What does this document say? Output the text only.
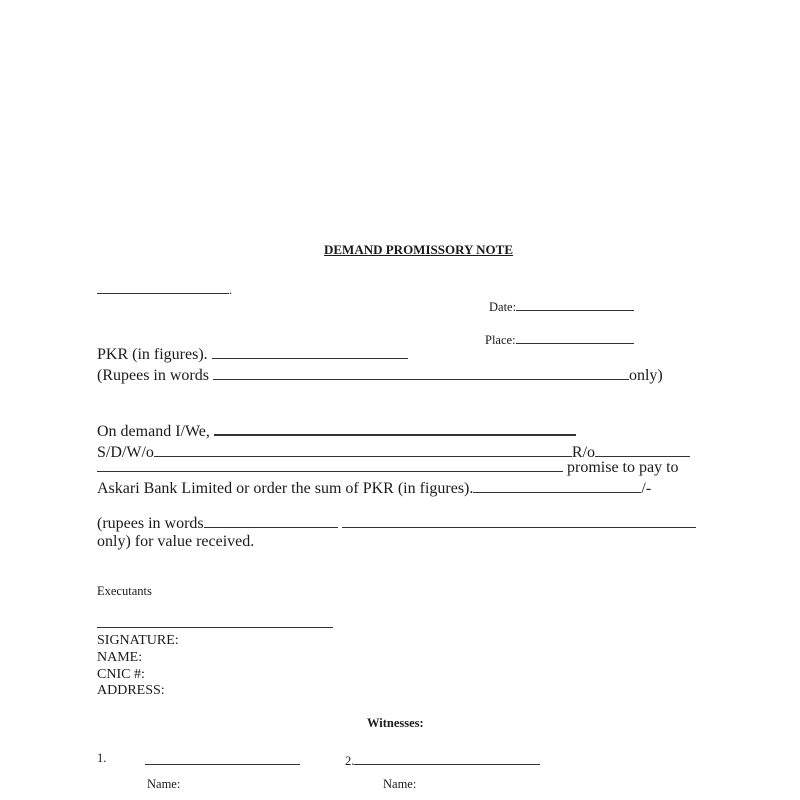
DEMAND PROMISSORY NOTE
.
Date:
Place:
PKR (in figures).
(Rupees in words	only)
On demand I/We,
S/D/W/o	R/o
promise to pay to
Askari Bank Limited or order the sum of PKR (in figures).	/-
(rupees in words
only) for value received.
Executants
SIGNATURE:
NAME:
CNIC #:
ADDRESS:
Witnesses:
1.	2.
Name:	Name:
